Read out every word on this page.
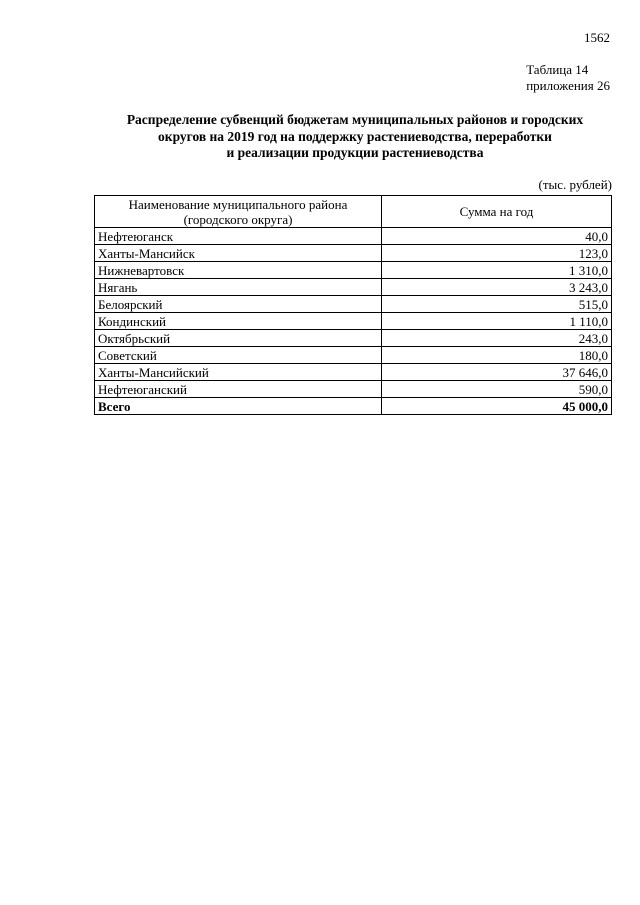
1562
Таблица 14
приложения 26
Распределение субвенций бюджетам муниципальных районов и городских
округов на 2019 год на поддержку растениеводства, переработки
и реализации продукции растениеводства
(тыс. рублей)
Наименование муниципального района
(городского округа)	Сумма на год
Нефтеюганск	40,0
Ханты-Мансийск	123,0
Нижневартовск	1 310,0
Нягань	3 243,0
Белоярский	515,0
Кондинский	1 110,0
Октябрьский	243,0
Советский	180,0
Ханты-Мансийский	37 646,0
Нефтеюганский	590,0
Всего	45 000,0
